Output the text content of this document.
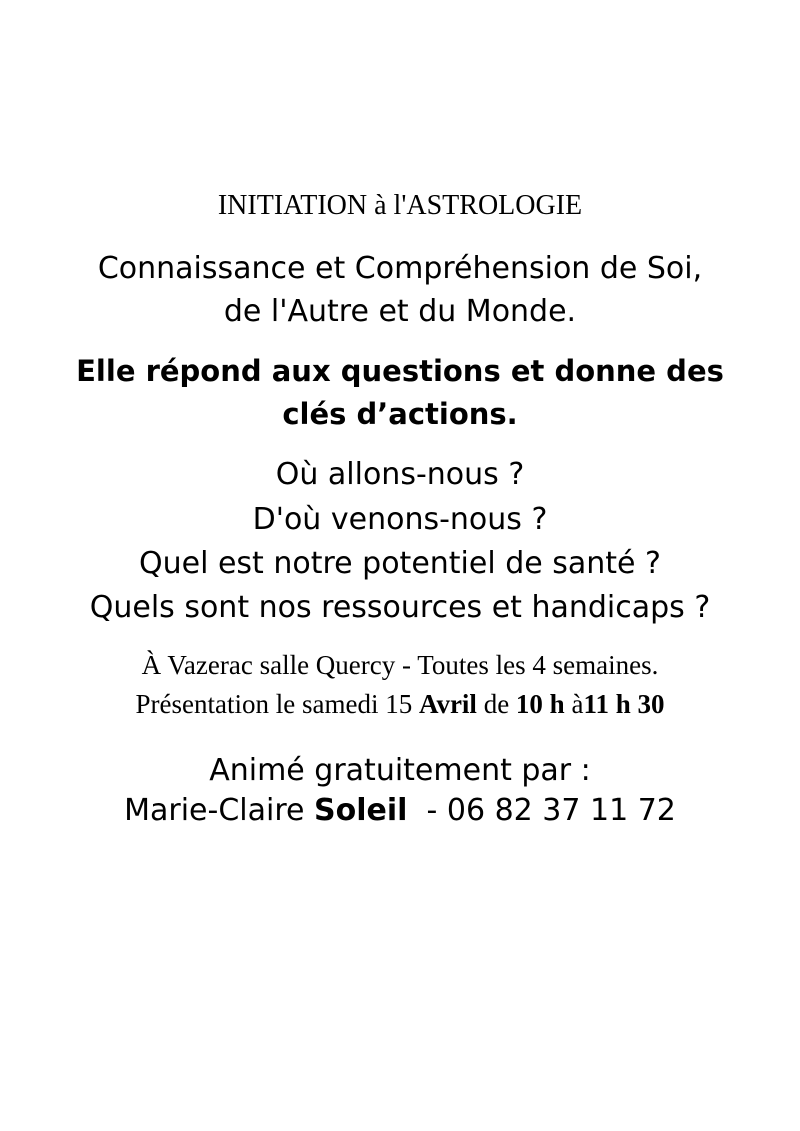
INITIATION à l'ASTROLOGIE
Connaissance et Compréhension de Soi,
de l'Autre et du Monde.
Elle répond aux questions et donne des
clés d’actions.
Où allons-nous ?
D'où venons-nous ?
Quel est notre potentiel de santé ?
Quels sont nos ressources et handicaps ?
À Vazerac salle Quercy - Toutes les 4 semaines.
Présentation le samedi 15 Avril de 10 h à11 h 30
Animé gratuitement par :
Marie-Claire Soleil  - 06 82 37 11 72
